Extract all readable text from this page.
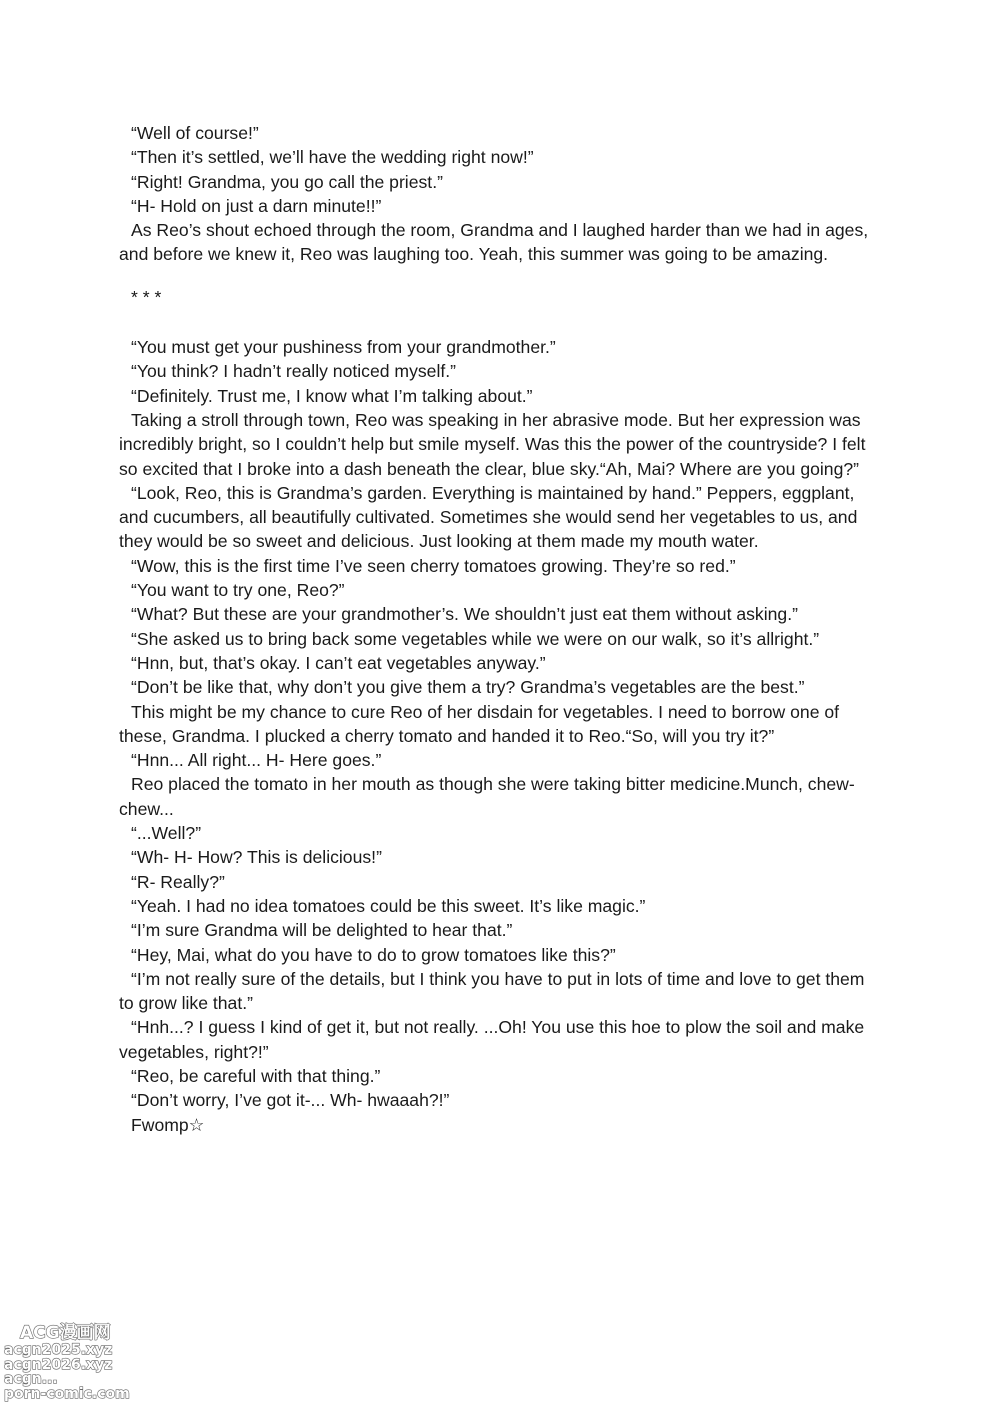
“Well of course!”

“Then it’s settled, we’ll have the wedding right now!”

“Right! Grandma, you go call the priest.”

“H- Hold on just a darn minute!!”

As Reo’s shout echoed through the room, Grandma and I laughed harder than we had in ages, and before we knew it, Reo was laughing too. Yeah, this summer was going to be amazing.

* * *

“You must get your pushiness from your grandmother.”

“You think? I hadn’t really noticed myself.”

“Definitely. Trust me, I know what I’m talking about.”

Taking a stroll through town, Reo was speaking in her abrasive mode. But her expression was incredibly bright, so I couldn’t help but smile myself. Was this the power of the countryside? I felt so excited that I broke into a dash beneath the clear, blue sky.“Ah, Mai? Where are you going?”

“Look, Reo, this is Grandma’s garden. Everything is maintained by hand.” Peppers, eggplant, and cucumbers, all beautifully cultivated. Sometimes she would send her vegetables to us, and they would be so sweet and delicious. Just looking at them made my mouth water.

“Wow, this is the first time I’ve seen cherry tomatoes growing. They’re so red.”

“You want to try one, Reo?”

“What? But these are your grandmother’s. We shouldn’t just eat them without asking.”

“She asked us to bring back some vegetables while we were on our walk, so it’s allright.”

“Hnn, but, that’s okay. I can’t eat vegetables anyway.”

“Don’t be like that, why don’t you give them a try? Grandma’s vegetables are the best.”

This might be my chance to cure Reo of her disdain for vegetables. I need to borrow one of these, Grandma. I plucked a cherry tomato and handed it to Reo.“So, will you try it?”

“Hnn... All right... H- Here goes.”

Reo placed the tomato in her mouth as though she were taking bitter medicine.Munch, chew-chew...

“...Well?”

“Wh- H- How? This is delicious!”

“R- Really?”

“Yeah. I had no idea tomatoes could be this sweet. It’s like magic.”

“I’m sure Grandma will be delighted to hear that.”

“Hey, Mai, what do you have to do to grow tomatoes like this?”

“I’m not really sure of the details, but I think you have to put in lots of time and love to get them to grow like that.”

“Hnh...? I guess I kind of get it, but not really. ...Oh! You use this hoe to plow the soil and make vegetables, right?!”

“Reo, be careful with that thing.”

“Don’t worry, I’ve got it-... Wh- hwaaah?!”

Fwomp☆

ACG漫画网
acgn2025.xyz
acgn2026.xyz
acgn...
porn-comic.com
